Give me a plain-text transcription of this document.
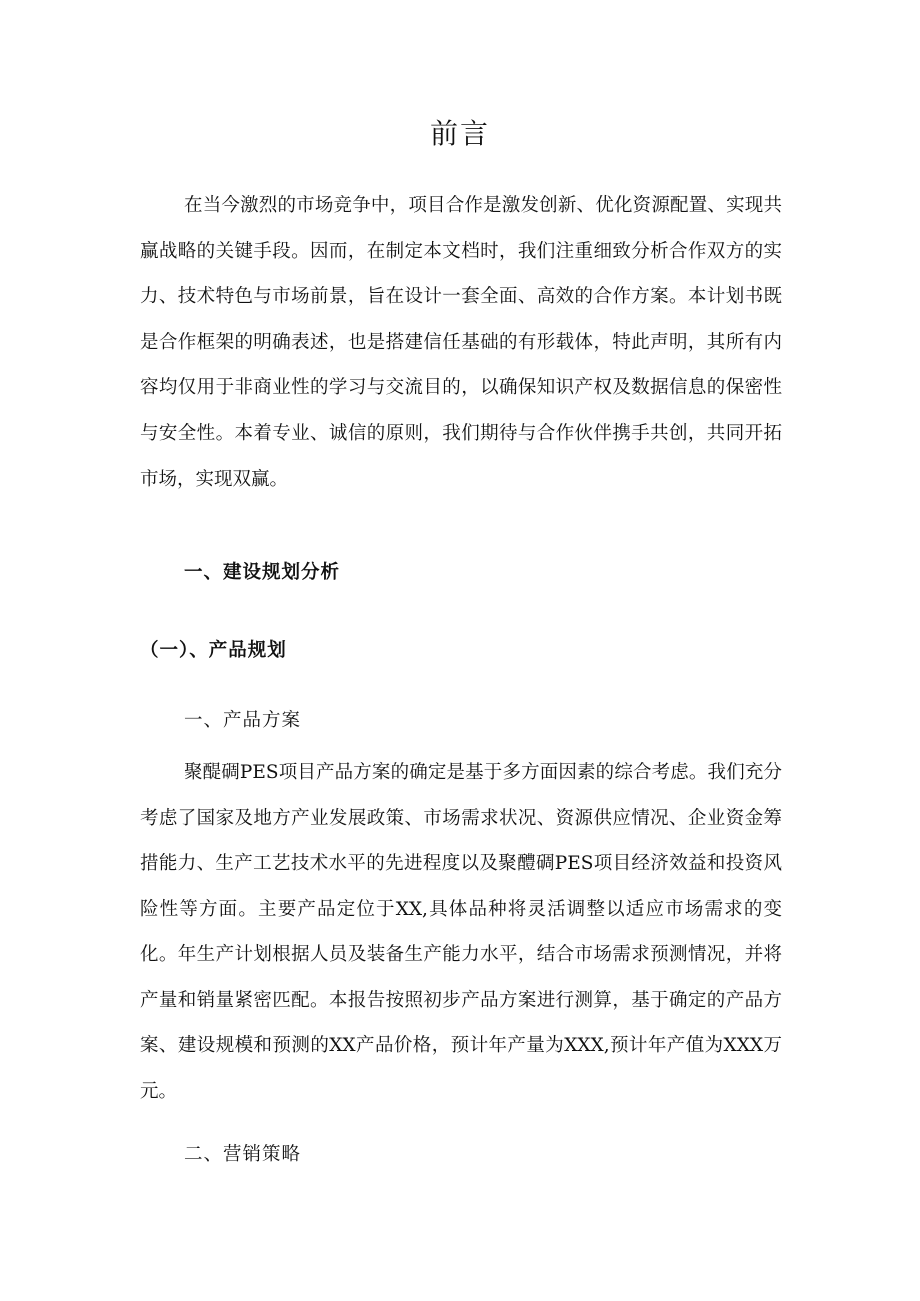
前言

在当今激烈的市场竞争中，项目合作是激发创新、优化资源配置、实现共赢战略的关键手段。因而，在制定本文档时，我们注重细致分析合作双方的实力、技术特色与市场前景，旨在设计一套全面、高效的合作方案。本计划书既是合作框架的明确表述，也是搭建信任基础的有形载体，特此声明，其所有内容均仅用于非商业性的学习与交流目的，以确保知识产权及数据信息的保密性与安全性。本着专业、诚信的原则，我们期待与合作伙伴携手共创，共同开拓市场，实现双赢。

一、建设规划分析
（一）、产品规划
一、产品方案

聚醍碉PES项目产品方案的确定是基于多方面因素的综合考虑。我们充分考虑了国家及地方产业发展政策、市场需求状况、资源供应情况、企业资金筹措能力、生产工艺技术水平的先进程度以及聚醴碉PES项目经济效益和投资风险性等方面。主要产品定位于XX,具体品种将灵活调整以适应市场需求的变化。年生产计划根据人员及装备生产能力水平，结合市场需求预测情况，并将产量和销量紧密匹配。本报告按照初步产品方案进行测算，基于确定的产品方案、建设规模和预测的XX产品价格，预计年产量为XXX,预计年产值为XXX万元。

二、营销策略
